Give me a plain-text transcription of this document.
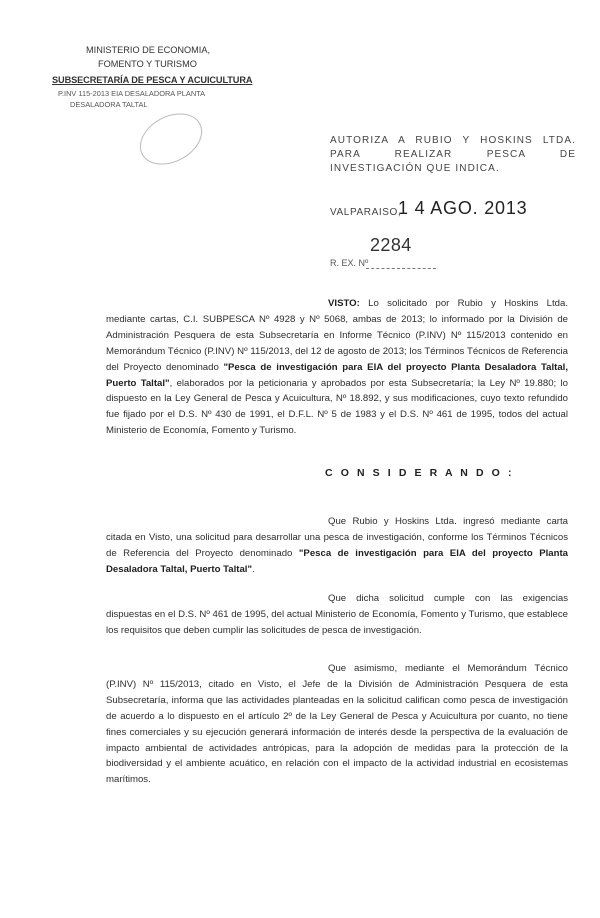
MINISTERIO DE ECONOMIA,
FOMENTO Y TURISMO
SUBSECRETARÍA DE PESCA Y ACUICULTURA
P.INV 115-2013 EIA DESALADORA PLANTA
DESALADORA TALTAL
AUTORIZA A RUBIO Y HOSKINS LTDA. PARA REALIZAR PESCA DE INVESTIGACIÓN QUE INDICA.
VALPARAISO,
1 4 AGO. 2013
2284
R. EX. Nº
VISTO: Lo solicitado por Rubio y Hoskins Ltda. mediante cartas, C.I. SUBPESCA Nº 4928 y Nº 5068, ambas de 2013; lo informado por la División de Administración Pesquera de esta Subsecretaría en Informe Técnico (P.INV) Nº 115/2013 contenido en Memorándum Técnico (P.INV) Nº 115/2013, del 12 de agosto de 2013; los Términos Técnicos de Referencia del Proyecto denominado "Pesca de investigación para EIA del proyecto Planta Desaladora Taltal, Puerto Taltal", elaborados por la peticionaria y aprobados por esta Subsecretaría; la Ley Nº 19.880; lo dispuesto en la Ley General de Pesca y Acuicultura, Nº 18.892, y sus modificaciones, cuyo texto refundido fue fijado por el D.S. Nº 430 de 1991, el D.F.L. Nº 5 de 1983 y el D.S. Nº 461 de 1995, todos del actual Ministerio de Economía, Fomento y Turismo.
C O N S I D E R A N D O :
Que Rubio y Hoskins Ltda. ingresó mediante carta citada en Visto, una solicitud para desarrollar una pesca de investigación, conforme los Términos Técnicos de Referencia del Proyecto denominado "Pesca de investigación para EIA del proyecto Planta Desaladora Taltal, Puerto Taltal".
Que dicha solicitud cumple con las exigencias dispuestas en el D.S. Nº 461 de 1995, del actual Ministerio de Economía, Fomento y Turismo, que establece los requisitos que deben cumplir las solicitudes de pesca de investigación.
Que asimismo, mediante el Memorándum Técnico (P.INV) Nº 115/2013, citado en Visto, el Jefe de la División de Administración Pesquera de esta Subsecretaría, informa que las actividades planteadas en la solicitud califican como pesca de investigación de acuerdo a lo dispuesto en el artículo 2º de la Ley General de Pesca y Acuicultura por cuanto, no tiene fines comerciales y su ejecución generará información de interés desde la perspectiva de la evaluación de impacto ambiental de actividades antrópicas, para la adopción de medidas para la protección de la biodiversidad y el ambiente acuático, en relación con el impacto de la actividad industrial en ecosistemas marítimos.
